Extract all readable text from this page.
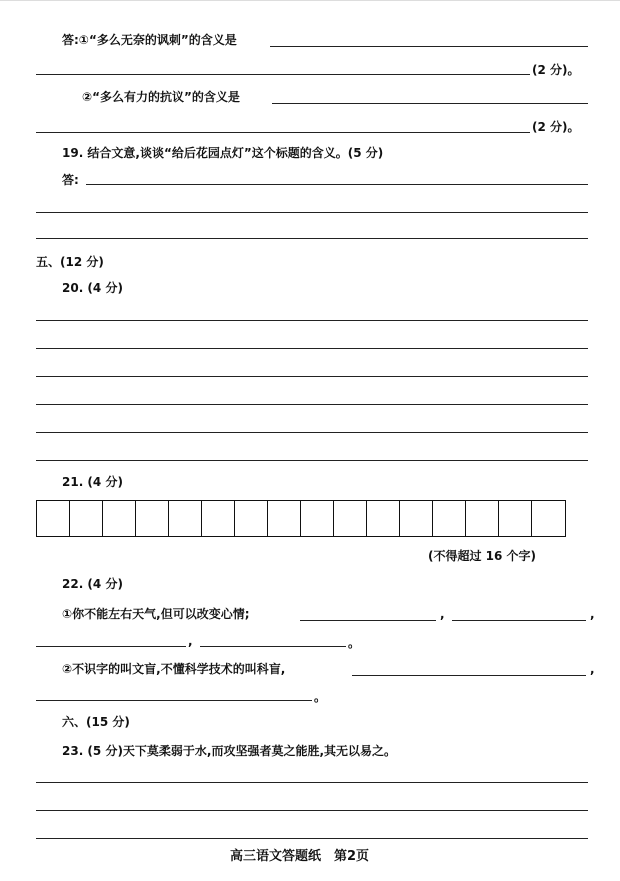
答:①“多么无奈的讽刺”的含义是
(2 分)。
②“多么有力的抗议”的含义是
(2 分)。
19. 结合文意,谈谈“给后花园点灯”这个标题的含义。(5 分)
答:
五、(12 分)
20. (4 分)
21. (4 分)
(不得超过 16 个字)
22. (4 分)
①你不能左右天气,但可以改变心情;	,	,
,	。
②不识字的叫文盲,不懂科学技术的叫科盲,	,
。
六、(15 分)
23. (5 分)天下莫柔弱于水,而攻坚强者莫之能胜,其无以易之。
高三语文答题纸　第2页
